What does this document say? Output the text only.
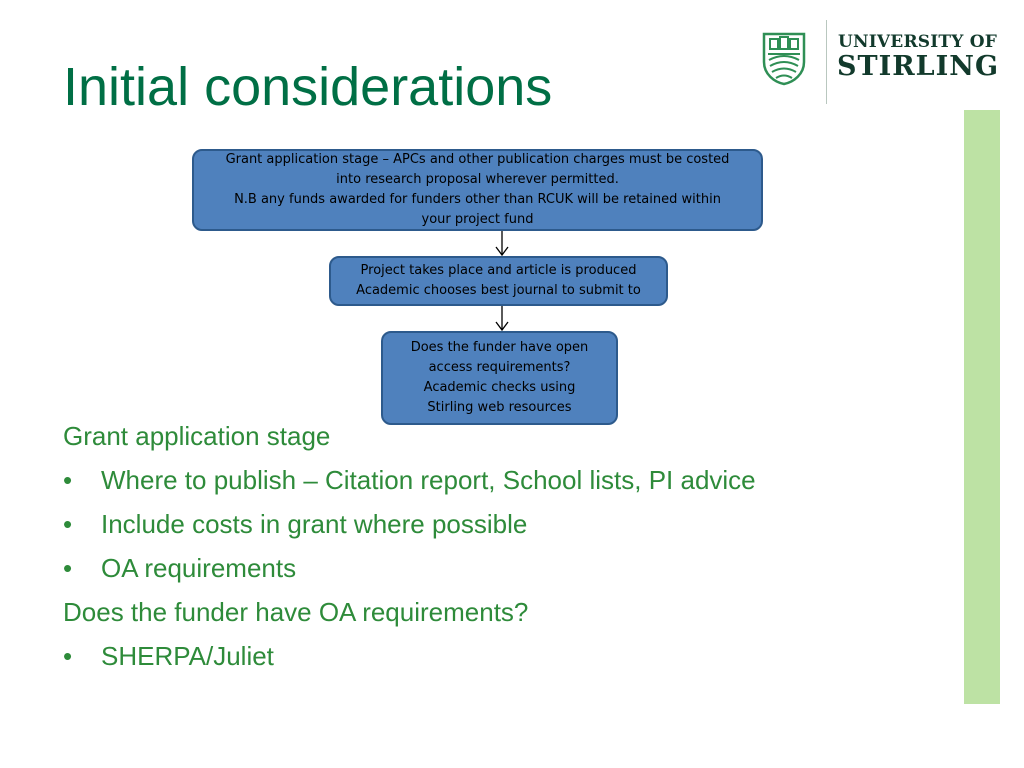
Initial considerations
UNIVERSITY OF
STIRLING
Grant application stage – APCs and other publication charges must be costed
into research proposal wherever permitted.
N.B any funds awarded for funders other than RCUK will be retained within
your project fund
Project takes place and article is produced
Academic chooses best journal to submit to
Does the funder have open
access requirements?
Academic checks using
Stirling web resources

Grant application stage

• Where to publish – Citation report, School lists, PI advice

• Include costs in grant where possible

• OA requirements

Does the funder have OA requirements?

• SHERPA/Juliet
